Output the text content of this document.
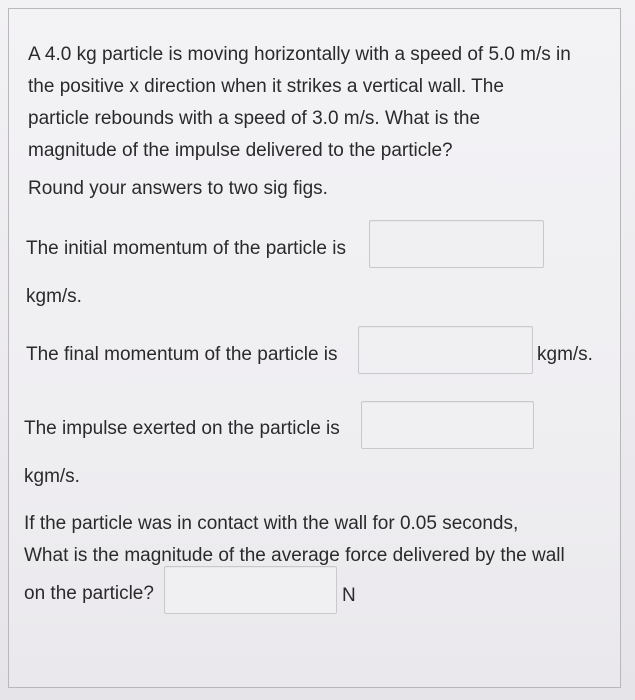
A 4.0 kg particle is moving horizontally with a speed of 5.0 m/s in
the positive x direction when it strikes a vertical wall. The
particle rebounds with a speed of 3.0 m/s. What is the
magnitude of the impulse delivered to the particle?
Round your answers to two sig figs.
The initial momentum of the particle is
kgm/s.
The final momentum of the particle is	kgm/s.
The impulse exerted on the particle is
kgm/s.
If the particle was in contact with the wall for 0.05 seconds,
What is the magnitude of the average force delivered by the wall
on the particle?	N
